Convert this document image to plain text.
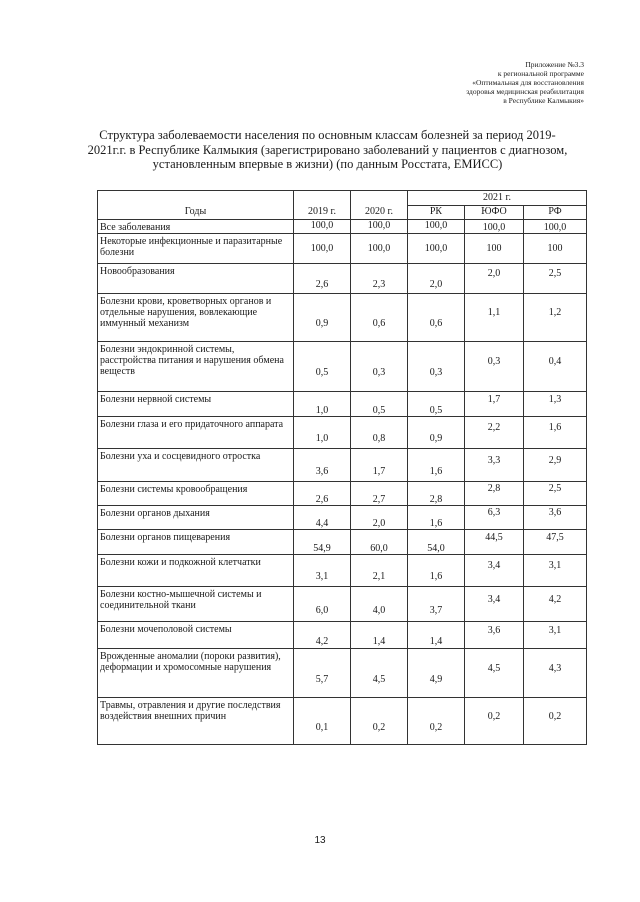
Приложение №3.3
к региональной программе
«Оптимальная для восстановления
здоровья медицинская реабилитация
в Республике Калмыкия»
Структура заболеваемости населения по основным классам болезней за период 2019-
2021г.г. в Республике Калмыкия (зарегистрировано заболеваний у пациентов с диагнозом,
установленным впервые в жизни) (по данным Росстата, ЕМИСС)
Годы	2019 г.	2020 г.	2021 г.		
			РК	ЮФО	РФ
Все заболевания	100,0	100,0	100,0	100,0	100,0
Некоторые инфекционные и паразитарные болезни	100,0	100,0	100,0	100	100
Новообразования	2,6	2,3	2,0	2,0	2,5
Болезни крови, кроветворных органов и отдельные нарушения, вовлекающие иммунный механизм	0,9	0,6	0,6	1,1	1,2
Болезни эндокринной системы, расстройства питания и нарушения обмена веществ	0,5	0,3	0,3	0,3	0,4
Болезни нервной системы	1,0	0,5	0,5	1,7	1,3
Болезни глаза и его придаточного аппарата	1,0	0,8	0,9	2,2	1,6
Болезни уха и сосцевидного отростка	3,6	1,7	1,6	3,3	2,9
Болезни системы кровообращения	2,6	2,7	2,8	2,8	2,5
Болезни органов дыхания	4,4	2,0	1,6	6,3	3,6
Болезни органов пищеварения	54,9	60,0	54,0	44,5	47,5
Болезни кожи и подкожной клетчатки	3,1	2,1	1,6	3,4	3,1
Болезни костно-мышечной системы и соединительной ткани	6,0	4,0	3,7	3,4	4,2
Болезни мочеполовой системы	4,2	1,4	1,4	3,6	3,1
Врожденные аномалии (пороки развития), деформации и хромосомные нарушения	5,7	4,5	4,9	4,5	4,3
Травмы, отравления и другие последствия воздействия внешних причин	0,1	0,2	0,2	0,2	0,2
13
